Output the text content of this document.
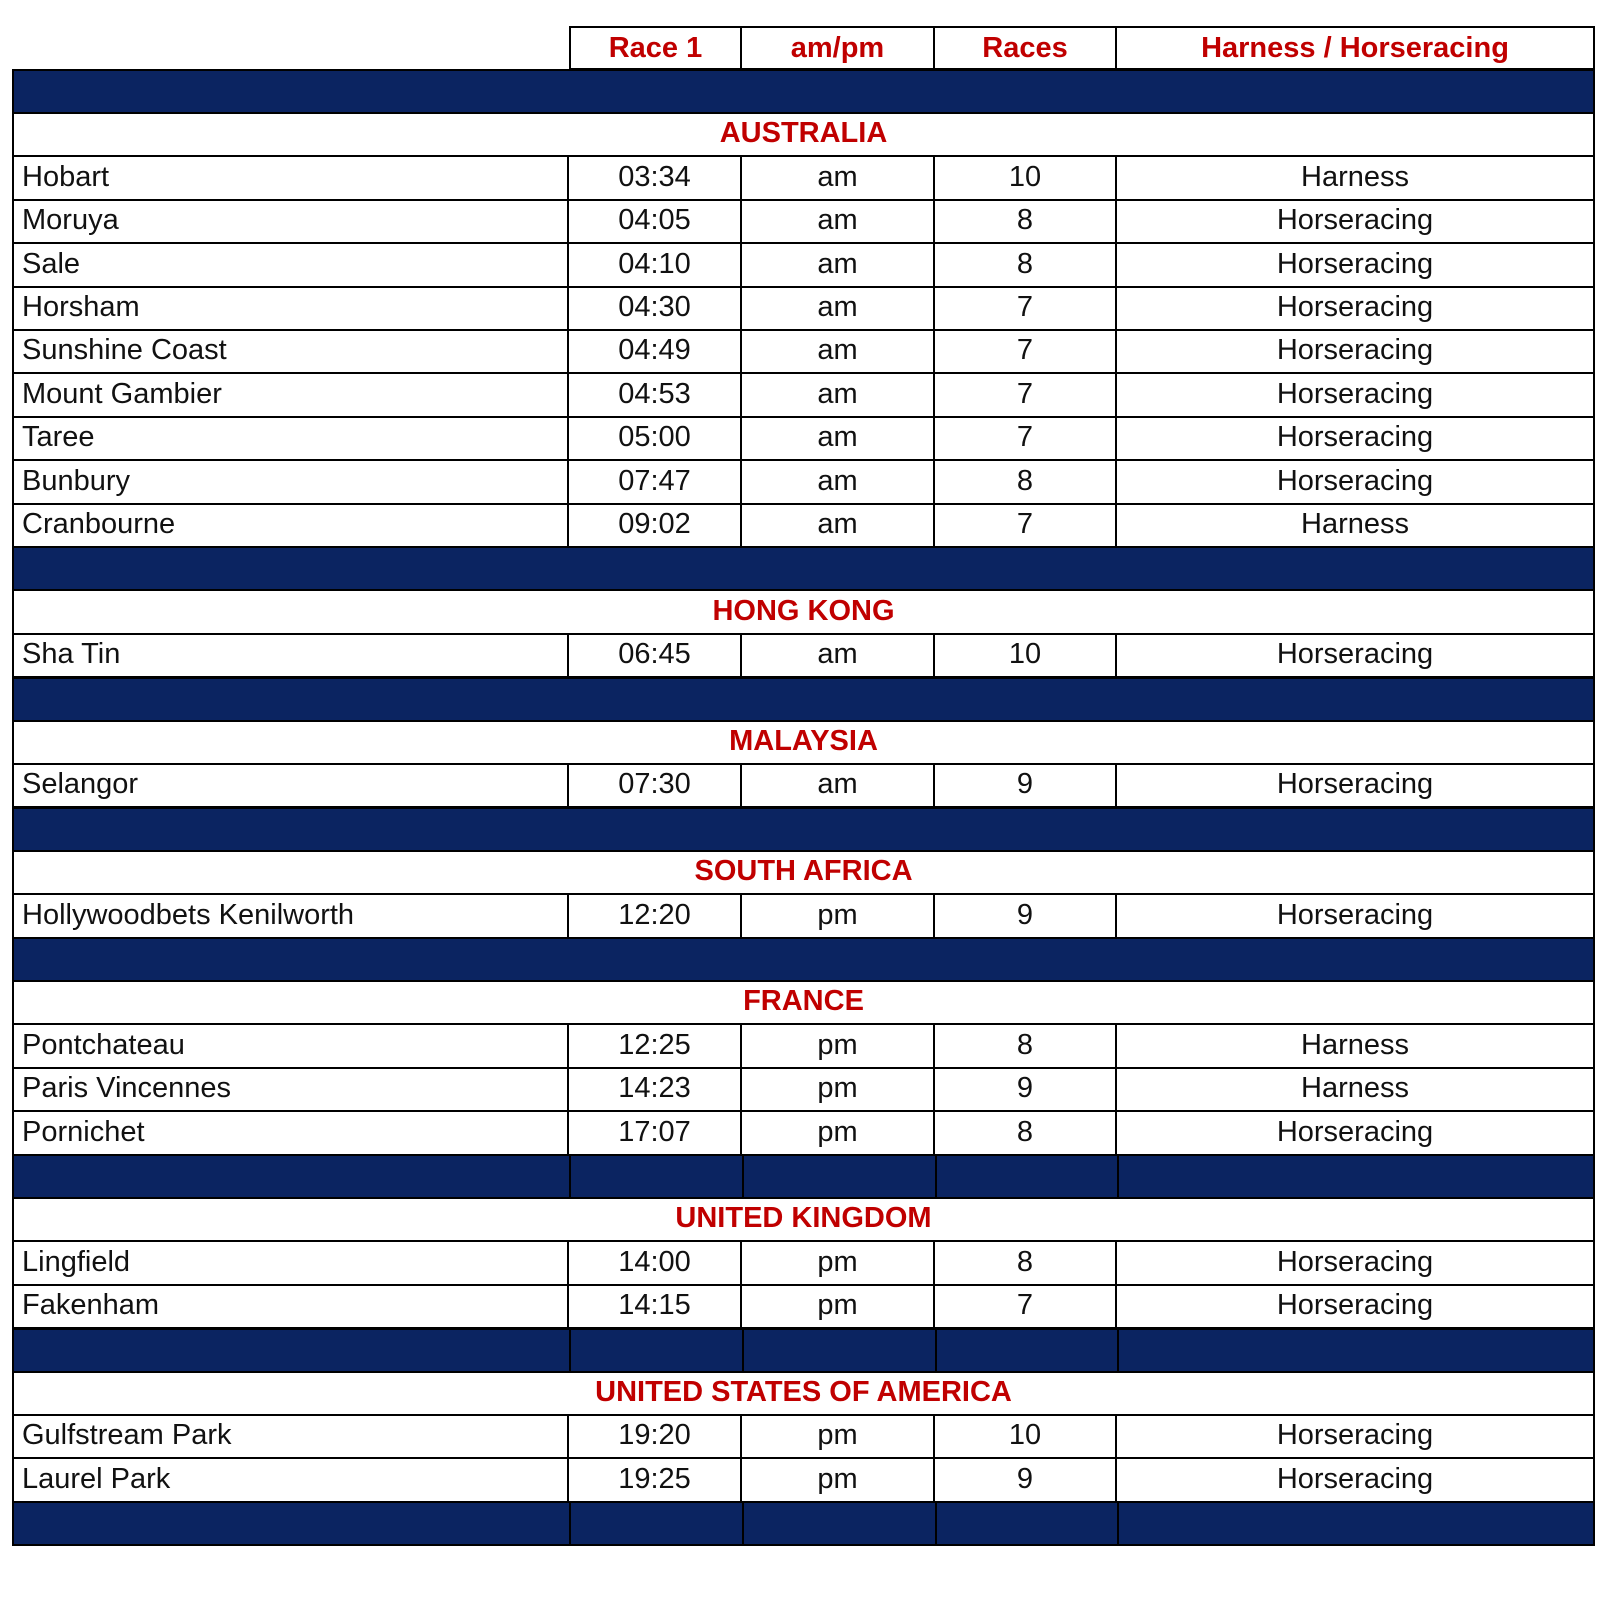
Race 1	am/pm	Races	Harness / Horseracing
AUSTRALIA
Hobart	03:34	am	10	Harness
Moruya	04:05	am	8	Horseracing
Sale	04:10	am	8	Horseracing
Horsham	04:30	am	7	Horseracing
Sunshine Coast	04:49	am	7	Horseracing
Mount Gambier	04:53	am	7	Horseracing
Taree	05:00	am	7	Horseracing
Bunbury	07:47	am	8	Horseracing
Cranbourne	09:02	am	7	Harness
HONG KONG
Sha Tin	06:45	am	10	Horseracing
MALAYSIA
Selangor	07:30	am	9	Horseracing
SOUTH AFRICA
Hollywoodbets Kenilworth	12:20	pm	9	Horseracing
FRANCE
Pontchateau	12:25	pm	8	Harness
Paris Vincennes	14:23	pm	9	Harness
Pornichet	17:07	pm	8	Horseracing
UNITED KINGDOM
Lingfield	14:00	pm	8	Horseracing
Fakenham	14:15	pm	7	Horseracing
UNITED STATES OF AMERICA
Gulfstream Park	19:20	pm	10	Horseracing
Laurel Park	19:25	pm	9	Horseracing
